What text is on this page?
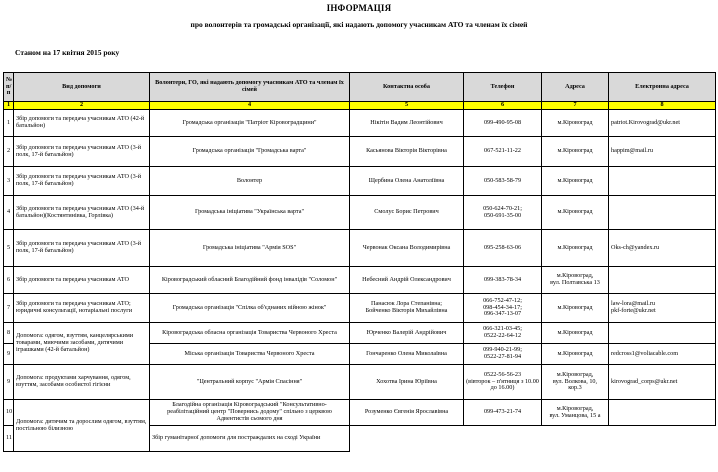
ІНФОРМАЦІЯ
про волонтерів та громадські організації, які надають допомогу учасникам АТО та членам їх сімей
Станом на 17 квітня 2015 року
№ п/п	Вид допомоги	Волонтери, ГО, які надають допомогу учасникам АТО та членам їх сімей	Контактна особа	Телефон	Адреса	Електронна адреса
1	2	4	5	6	7	8
1	Збір допомоги та передача учасникам АТО (42-й батальйон)	Громадська організація "Патріот Кіровоградщини"	Нікітін Вадим Леонтійович	099-490-95-08	м.Кіровоград	patriot.Kirovograd@ukr.net
2	Збір допомоги та передача учасникам АТО (3-й полк, 17-й батальйон)	Громадська організація "Громадська варта"	Касьянова Вікторія Вікторівна	067-521-11-22	м.Кіровоград	happim@mail.ru
3	Збір допомоги та передача учасникам АТО (3-й полк, 17-й батальйон)	Волонтер	Щербина Олена Анатоліївна	050-583-58-79	м.Кіровоград	
4	Збір допомоги та передача учасникам АТО (34-й батальйон)(Костянтинівка, Горлівка)	Громадська ініціатива "Українська варта"	Смолус Борис Петрович	050-624-70-21;
050-691-35-00	м.Кіровоград	
5	Збір допомоги та передача учасникам АТО (3-й полк, 17-й батальйон)	Громадська ініціатива "Армія SOS"	Червонак Оксана Володимирівна	095-258-63-06	м.Кіровоград	Oks-ch@yandex.ru
6	Збір допомоги та передача учасникам АТО	Кіровоградський обласний Благодійний фонд інвалідів "Соломон"	Небесний Андрій Олександрович	099-383-78-34	м.Кіровоград,
вул. Полтавська 13	
7	Збір допомоги та передача учасникам АТО; юридичні консультації, нотаріальні послуги	Громадська організація "Спілка об'єднаних війною жінок"	Панасюк Лора Степанівна;
Бойченко Вікторія Михайлівна	066-752-47-12;
098-454-34-17;
096-347-13-07	м.Кіровоград	law-lora@mail.ru
pkf-forte@ukr.net
8	Допомога: одягом, взуттям, канцелярськими товарами, миючими засобами, дитячими іграшками (42-й батальйон)	Кіровоградська обласна організація Товариства Червоного Хреста	Юрченко Валерій Андрійович	066-321-03-45;
0522-22-64-12	м.Кіровоград	
9		Міська організація Товариства Червоного Хреста	Гончаренко Олена Миколаївна	099-940-21-99;
0522-27-81-94	м.Кіровоград	redcross1@voliacable.com
9	Допомога: продуктами харчування, одягом, взуттям, засобами особистої гігієни	"Центральний корпус "Армія Спасіння"	Хохотва Ірина Юріївна	0522-56-56-23
(вівторок – п'ятниця з 10.00 до 16.00)	м.Кіровоград,
вул. Волкова, 10,
кор.3	kirovograd_corps@ukr.net
10	Допомога: дитячим та дорослим одягом, взуттям, постільною білизною	Благодійна організація Кіровоградський "Консультативно-реабілітаційний центр "Повернись додому" спільно з церквою Адвентистів сьомого дня	Розуменко Євгенія Ярославівна	099-473-21-74	м.Кіровоград,
вул. Уманцова, 15 а	
11		Збір гуманітарної допомоги для постраждалих на сході України				
